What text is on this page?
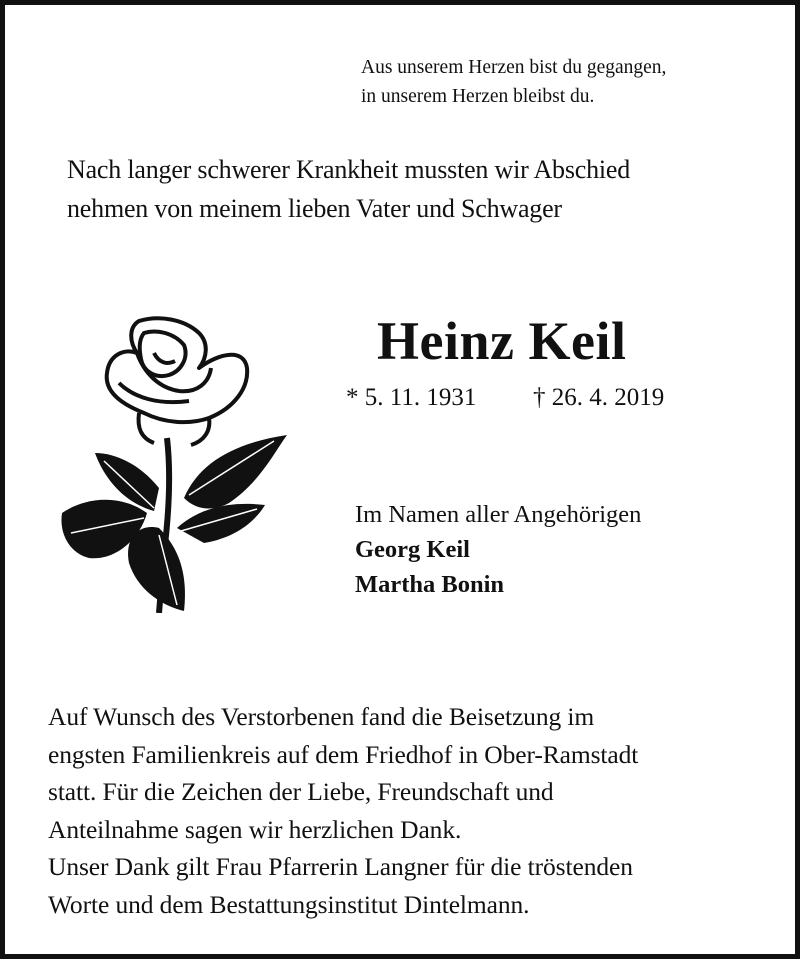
Aus unserem Herzen bist du gegangen,
in unserem Herzen bleibst du.
Nach langer schwerer Krankheit mussten wir Abschied
nehmen von meinem lieben Vater und Schwager
Heinz Keil
* 5. 11. 1931 † 26. 4. 2019
Im Namen aller Angehörigen
Georg Keil
Martha Bonin
Auf Wunsch des Verstorbenen fand die Beisetzung im
engsten Familienkreis auf dem Friedhof in Ober-Ramstadt
statt. Für die Zeichen der Liebe, Freundschaft und
Anteilnahme sagen wir herzlichen Dank.
Unser Dank gilt Frau Pfarrerin Langner für die tröstenden
Worte und dem Bestattungsinstitut Dintelmann.
